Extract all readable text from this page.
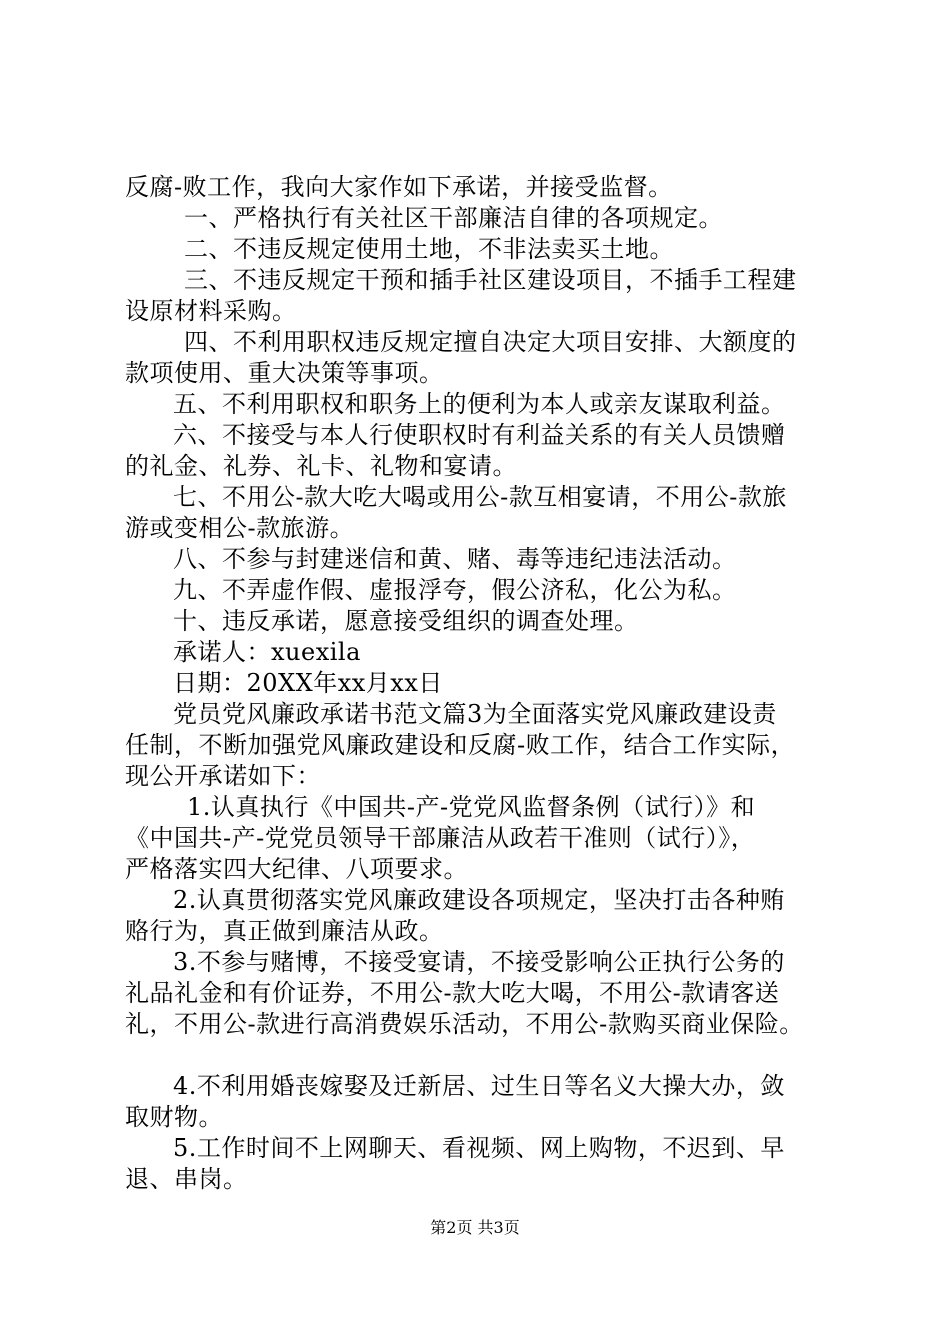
反腐-败工作，我向大家作如下承诺，并接受监督。
一、严格执行有关社区干部廉洁自律的各项规定。
二、不违反规定使用土地，不非法卖买土地。
三、不违反规定干预和插手社区建设项目，不插手工程建
设原材料采购。
四、不利用职权违反规定擅自决定大项目安排、大额度的
款项使用、重大决策等事项。
五、不利用职权和职务上的便利为本人或亲友谋取利益。
六、不接受与本人行使职权时有利益关系的有关人员馈赠
的礼金、礼券、礼卡、礼物和宴请。
七、不用公-款大吃大喝或用公-款互相宴请，不用公-款旅
游或变相公-款旅游。
八、不参与封建迷信和黄、赌、毒等违纪违法活动。
九、不弄虚作假、虚报浮夸，假公济私，化公为私。
十、违反承诺，愿意接受组织的调查处理。
承诺人：xuexila
日期：20XX年xx月xx日
党员党风廉政承诺书范文篇3为全面落实党风廉政建设责
任制，不断加强党风廉政建设和反腐-败工作，结合工作实际，
现公开承诺如下：
1.认真执行《中国共-产-党党风监督条例（试行）》和
《中国共-产-党党员领导干部廉洁从政若干准则（试行）》，
严格落实四大纪律、八项要求。
2.认真贯彻落实党风廉政建设各项规定，坚决打击各种贿
赂行为，真正做到廉洁从政。
3.不参与赌博，不接受宴请，不接受影响公正执行公务的
礼品礼金和有价证券，不用公-款大吃大喝，不用公-款请客送
礼，不用公-款进行高消费娱乐活动，不用公-款购买商业保险。
4.不利用婚丧嫁娶及迁新居、过生日等名义大操大办，敛
取财物。
5.工作时间不上网聊天、看视频、网上购物，不迟到、早
退、串岗。
第2页 共3页
